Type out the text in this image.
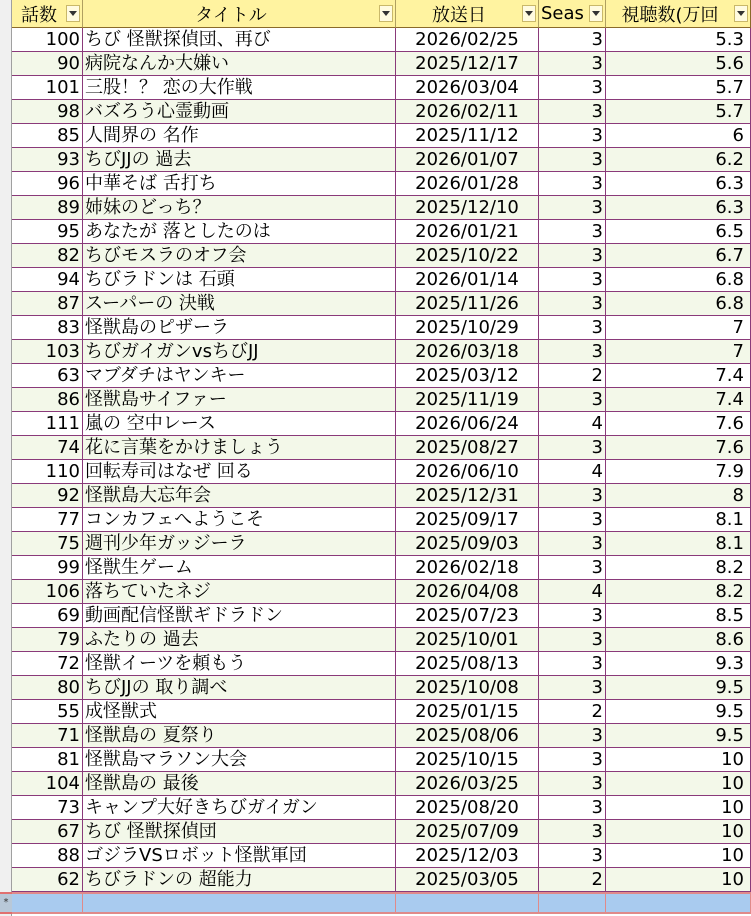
話数	タイトル	放送日	Seas 視聴数(万回
100 ちび 怪獣探偵団、再び	2026/02/25	3	5.3
90 病院なんか大嫌い	2025/12/17	3	5.6
101 三股！？ 恋の大作戦	2026/03/04	3	5.7
98 バズろう心霊動画	2026/02/11	3	5.7
85 人間界の 名作	2025/11/12	3	6
93 ちびJJの 過去	2026/01/07	3	6.2
96 中華そば 舌打ち	2026/01/28	3	6.3
89 姉妹のどっち？	2025/12/10	3	6.3
95 あなたが 落としたのは	2026/01/21	3	6.5
82 ちびモスラのオフ会	2025/10/22	3	6.7
94 ちびラドンは 石頭	2026/01/14	3	6.8
87 スーパーの 決戦	2025/11/26	3	6.8
83 怪獣島のピザーラ	2025/10/29	3	7
103 ちびガイガンvsちびJJ	2026/03/18	3	7
63 マブダチはヤンキー	2025/03/12	2	7.4
86 怪獣島サイファー	2025/11/19	3	7.4
111 嵐の 空中レース	2026/06/24	4	7.6
74 花に言葉をかけましょう	2025/08/27	3	7.6
110 回転寿司はなぜ 回る	2026/06/10	4	7.9
92 怪獣島大忘年会	2025/12/31	3	8
77 コンカフェへようこそ	2025/09/17	3	8.1
75 週刊少年ガッジーラ	2025/09/03	3	8.1
99 怪獣生ゲーム	2026/02/18	3	8.2
106 落ちていたネジ	2026/04/08	4	8.2
69 動画配信怪獣ギドラドン	2025/07/23	3	8.5
79 ふたりの 過去	2025/10/01	3	8.6
72 怪獣イーツを頼もう	2025/08/13	3	9.3
80 ちびJJの 取り調べ	2025/10/08	3	9.5
55 成怪獣式	2025/01/15	2	9.5
71 怪獣島の 夏祭り	2025/08/06	3	9.5
81 怪獣島マラソン大会	2025/10/15	3	10
104 怪獣島の 最後	2026/03/25	3	10
73 キャンプ大好きちびガイガン	2025/08/20	3	10
67 ちび 怪獣探偵団	2025/07/09	3	10
88 ゴジラVSロボット怪獣軍団	2025/12/03	3	10
62 ちびラドンの 超能力	2025/03/05	2	10
*
